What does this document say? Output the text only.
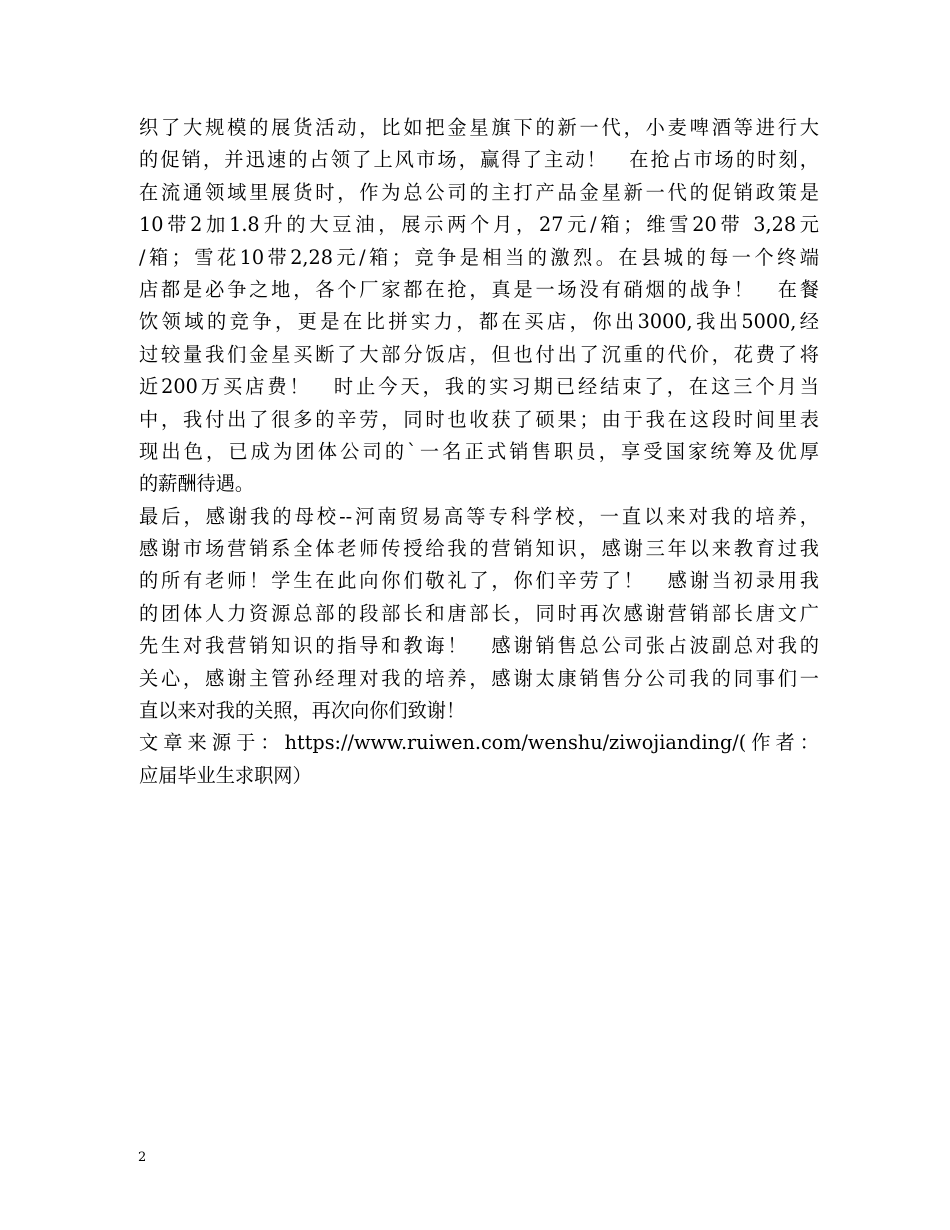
织了大规模的展货活动，比如把金星旗下的新一代，小麦啤酒等进行大
的促销，并迅速的占领了上风市场，赢得了主动！　在抢占市场的时刻，
在流通领域里展货时，作为总公司的主打产品金星新一代的促销政策是
10带2加1.8升的大豆油，展示两个月，27元/箱；维雪20带 3,28元
/箱；雪花10带2,28元/箱；竞争是相当的激烈。在县城的每一个终端
店都是必争之地，各个厂家都在抢，真是一场没有硝烟的战争！　在餐
饮领域的竞争，更是在比拼实力，都在买店，你出3000,我出5000,经
过较量我们金星买断了大部分饭店，但也付出了沉重的代价，花费了将
近200万买店费！　时止今天，我的实习期已经结束了，在这三个月当
中，我付出了很多的辛劳，同时也收获了硕果；由于我在这段时间里表
现出色，已成为团体公司的`一名正式销售职员，享受国家统筹及优厚
的薪酬待遇。
最后，感谢我的母校--河南贸易高等专科学校，一直以来对我的培养，
感谢市场营销系全体老师传授给我的营销知识，感谢三年以来教育过我
的所有老师！学生在此向你们敬礼了，你们辛劳了！　感谢当初录用我
的团体人力资源总部的段部长和唐部长，同时再次感谢营销部长唐文广
先生对我营销知识的指导和教诲！　感谢销售总公司张占波副总对我的
关心，感谢主管孙经理对我的培养，感谢太康销售分公司我的同事们一
直以来对我的关照，再次向你们致谢！
文章来源于：https://www.ruiwen.com/wenshu/ziwojianding/(作者：
应届毕业生求职网）
2
